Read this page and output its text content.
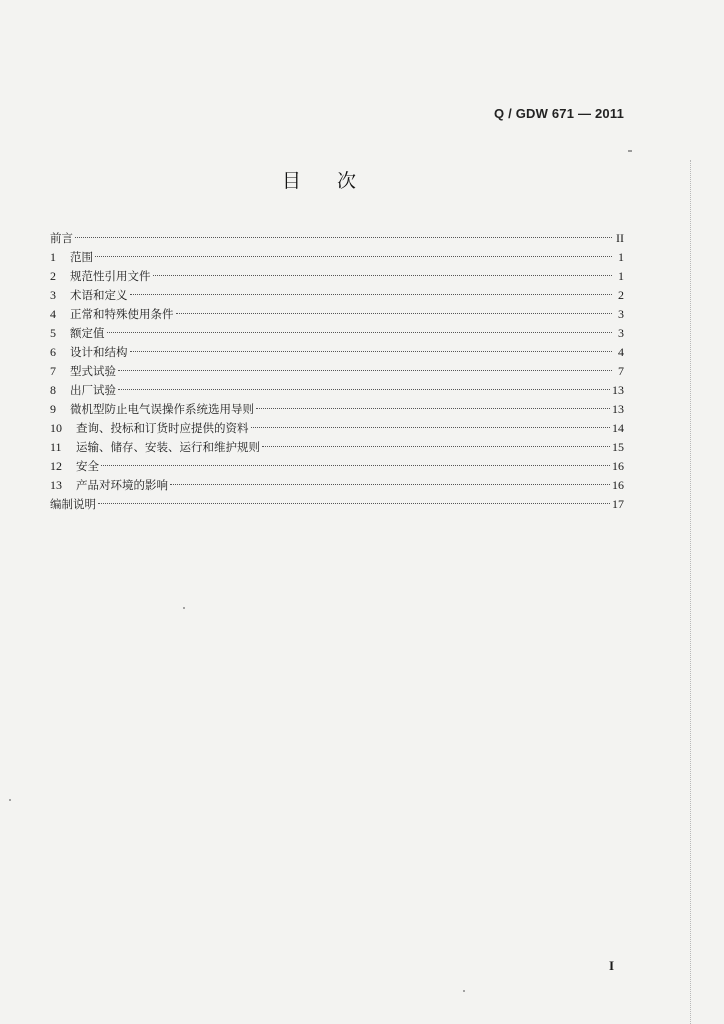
Q / GDW 671 — 2011
目次
前言	II
1	范围	1
2	规范性引用文件	1
3	术语和定义	2
4	正常和特殊使用条件	3
5	额定值	3
6	设计和结构	4
7	型式试验	7
8	出厂试验	13
9	微机型防止电气误操作系统选用导则	13
10	查询、投标和订货时应提供的资料	14
11	运输、储存、安装、运行和维护规则	15
12	安全	16
13	产品对环境的影响	16
编制说明	17
I
